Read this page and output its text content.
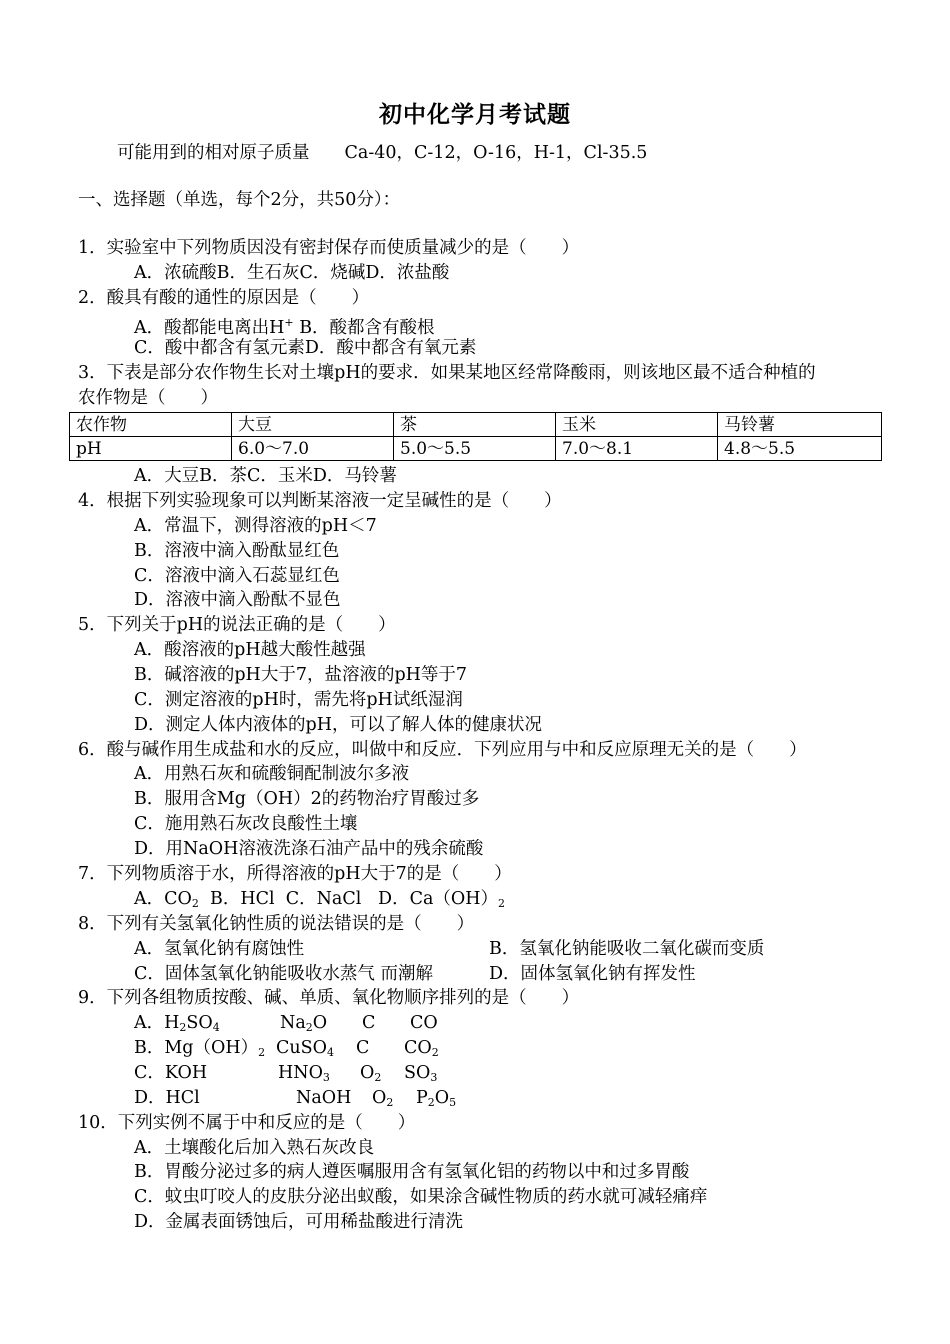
初中化学月考试题
可能用到的相对原子质量　　Ca-40，C-12，O-16，H-1，Cl-35.5
一、选择题（单选，每个2分，共50分）：
1．实验室中下列物质因没有密封保存而使质量减少的是（　　）
A．浓硫酸B．生石灰C．烧碱D．浓盐酸
2．酸具有酸的通性的原因是（　　）
A．酸都能电离出H+ B．酸都含有酸根
C．酸中都含有氢元素D．酸中都含有氧元素
3．下表是部分农作物生长对土壤pH的要求．如果某地区经常降酸雨，则该地区最不适合种植的
农作物是（　　）
农作物	大豆	茶	玉米	马铃薯
pH	6.0～7.0	5.0～5.5	7.0～8.1	4.8～5.5
A．大豆B．茶C．玉米D．马铃薯
4．根据下列实验现象可以判断某溶液一定呈碱性的是（　　）
A．常温下，测得溶液的pH＜7
B．溶液中滴入酚酞显红色
C．溶液中滴入石蕊显红色
D．溶液中滴入酚酞不显色
5．下列关于pH的说法正确的是（　　）
A．酸溶液的pH越大酸性越强
B．碱溶液的pH大于7，盐溶液的pH等于7
C．测定溶液的pH时，需先将pH试纸湿润
D．测定人体内液体的pH，可以了解人体的健康状况
6．酸与碱作用生成盐和水的反应，叫做中和反应．下列应用与中和反应原理无关的是（　　）
A．用熟石灰和硫酸铜配制波尔多液
B．服用含Mg（OH）2的药物治疗胃酸过多
C．施用熟石灰改良酸性土壤
D．用NaOH溶液洗涤石油产品中的残余硫酸
7．下列物质溶于水，所得溶液的pH大于7的是（　　）
A．$CO_2$  B．HCl  C．NaCl   D．$Ca(OH)_2$
8．下列有关氢氧化钠性质的说法错误的是（　　）
A．氢氧化钠有腐蚀性	B．氢氧化钠能吸收二氧化碳而变质
C．固体氢氧化钠能吸收水蒸气 而潮解	D．固体氢氧化钠有挥发性
9．下列各组物质按酸、碱、单质、氧化物顺序排列的是（　　）
A．$H_2SO_4$	$Na_2O$ C CO
B．$Mg(OH)_2$ CuSO$_4$ C $CO_2$
C．KOH	$HNO_3$ $O_2$ $SO_3$
D．HCl	NaOH $O_2$ $P_2O_5$
10．下列实例不属于中和反应的是（　　）
A．土壤酸化后加入熟石灰改良
B．胃酸分泌过多的病人遵医嘱服用含有氢氧化铝的药物以中和过多胃酸
C．蚊虫叮咬人的皮肤分泌出蚁酸，如果涂含碱性物质的药水就可减轻痛痒
D．金属表面锈蚀后，可用稀盐酸进行清洗
